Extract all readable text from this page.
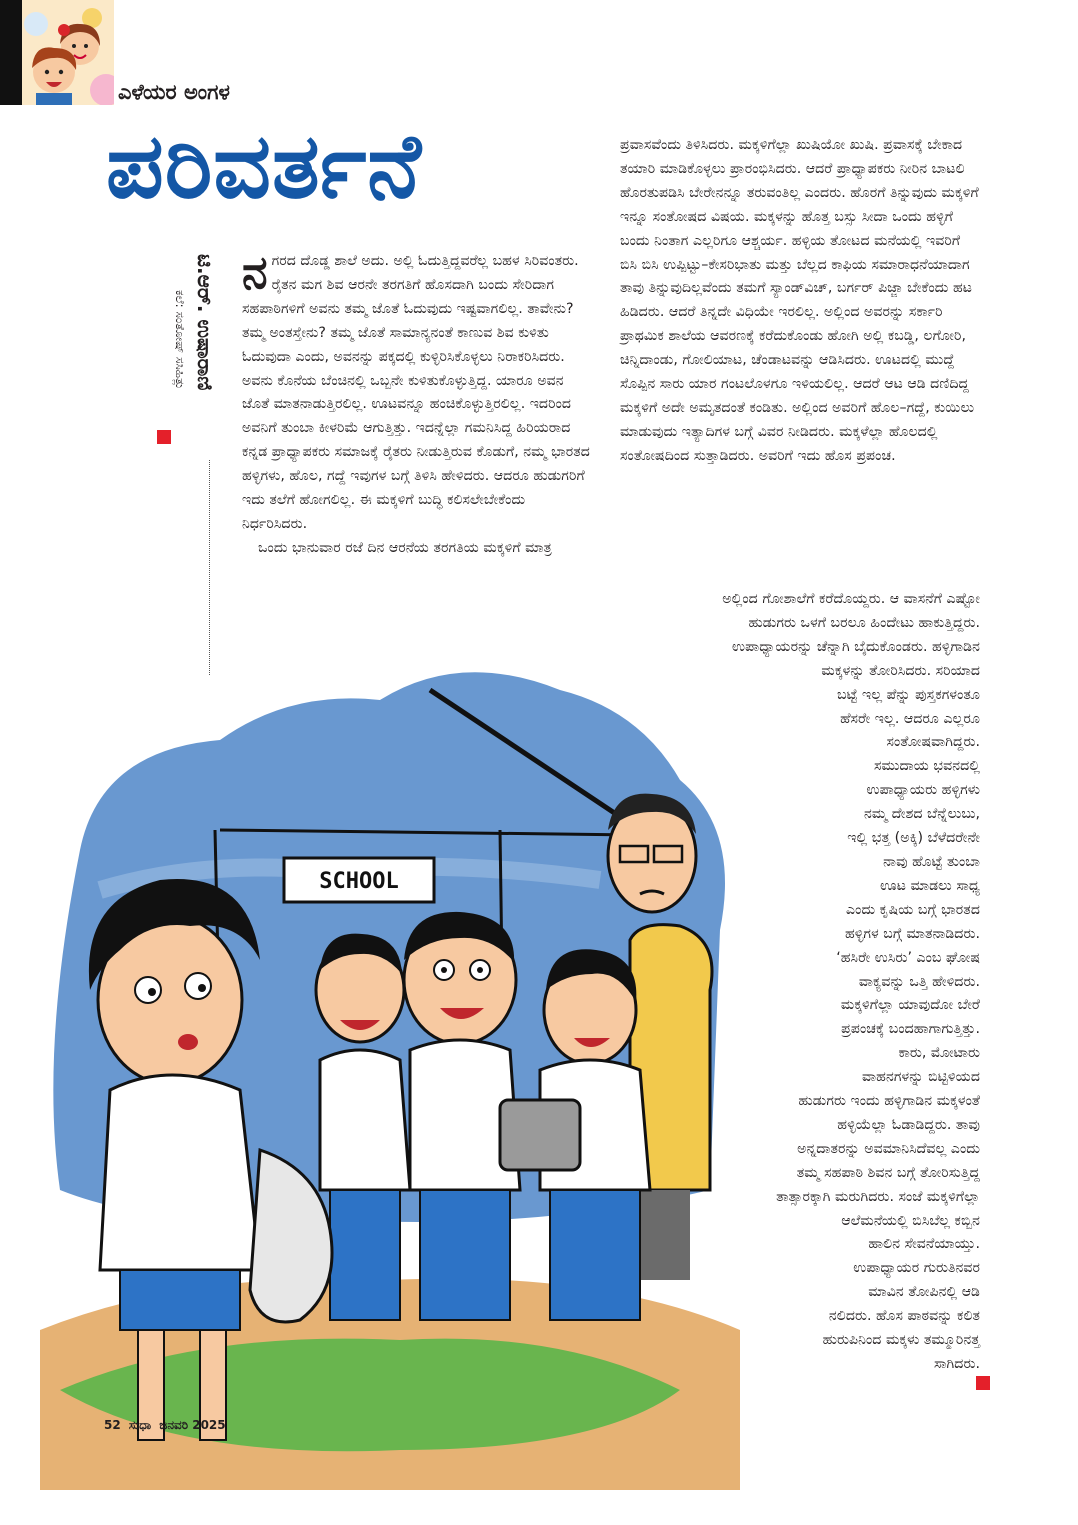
ಎಳೆಯರ ಅಂಗಳ
ಪರಿವರ್ತನೆ
ಟಿ.ಆರ್. ಉಷಾರಾಣಿ
ಕಲೆ: ಸಂತೋಷ್ ಸಸಿಹಿತ್ಲು

ನಗರದ ದೊಡ್ಡ ಶಾಲೆ ಅದು. ಅಲ್ಲಿ ಓದುತ್ತಿದ್ದವರೆಲ್ಲ ಬಹಳ ಸಿರಿವಂತರು. ರೈತನ ಮಗ ಶಿವ ಆರನೇ ತರಗತಿಗೆ ಹೊಸದಾಗಿ ಬಂದು ಸೇರಿದಾಗ ಸಹಪಾಠಿಗಳಿಗೆ ಅವನು ತಮ್ಮ ಜೊತೆ ಓದುವುದು ಇಷ್ಟವಾಗಲಿಲ್ಲ. ತಾವೇನು? ತಮ್ಮ ಅಂತಸ್ತೇನು? ತಮ್ಮ ಜೊತೆ ಸಾಮಾನ್ಯನಂತೆ ಕಾಣುವ ಶಿವ ಕುಳಿತು ಓದುವುದಾ ಎಂದು, ಅವನನ್ನು ಪಕ್ಕದಲ್ಲಿ ಕುಳ್ಳಿರಿಸಿಕೊಳ್ಳಲು ನಿರಾಕರಿಸಿದರು. ಅವನು ಕೊನೆಯ ಬೆಂಚಿನಲ್ಲಿ ಒಬ್ಬನೇ ಕುಳಿತುಕೊಳ್ಳುತ್ತಿದ್ದ. ಯಾರೂ ಅವನ ಜೊತೆ ಮಾತನಾಡುತ್ತಿರಲಿಲ್ಲ. ಊಟವನ್ನೂ ಹಂಚಿಕೊಳ್ಳುತ್ತಿರಲಿಲ್ಲ. ಇದರಿಂದ ಅವನಿಗೆ ತುಂಬಾ ಕೀಳರಿಮೆ ಆಗುತ್ತಿತ್ತು. ಇದನ್ನೆಲ್ಲಾ ಗಮನಿಸಿದ್ದ ಹಿರಿಯರಾದ ಕನ್ನಡ ಪ್ರಾಧ್ಯಾಪಕರು ಸಮಾಜಕ್ಕೆ ರೈತರು ನೀಡುತ್ತಿರುವ ಕೊಡುಗೆ, ನಮ್ಮ ಭಾರತದ ಹಳ್ಳಿಗಳು, ಹೊಲ, ಗದ್ದೆ ಇವುಗಳ ಬಗ್ಗೆ ತಿಳಿಸಿ ಹೇಳಿದರು. ಆದರೂ ಹುಡುಗರಿಗೆ ಇದು ತಲೆಗೆ ಹೋಗಲಿಲ್ಲ. ಈ ಮಕ್ಕಳಿಗೆ ಬುದ್ಧಿ ಕಲಿಸಲೇಬೇಕೆಂದು ನಿರ್ಧರಿಸಿದರು.

ಒಂದು ಭಾನುವಾರ ರಜೆ ದಿನ ಆರನೆಯ ತರಗತಿಯ ಮಕ್ಕಳಿಗೆ ಮಾತ್ರ

ಪ್ರವಾಸವೆಂದು ತಿಳಿಸಿದರು. ಮಕ್ಕಳಿಗೆಲ್ಲಾ ಖುಷಿಯೋ ಖುಷಿ. ಪ್ರವಾಸಕ್ಕೆ ಬೇಕಾದ ತಯಾರಿ ಮಾಡಿಕೊಳ್ಳಲು ಪ್ರಾರಂಭಿಸಿದರು. ಆದರೆ ಪ್ರಾಧ್ಯಾಪಕರು ನೀರಿನ ಬಾಟಲಿ ಹೊರತುಪಡಿಸಿ ಬೇರೇನನ್ನೂ ತರುವಂತಿಲ್ಲ ಎಂದರು. ಹೊರಗೆ ತಿನ್ನುವುದು ಮಕ್ಕಳಿಗೆ ಇನ್ನೂ ಸಂತೋಷದ ವಿಷಯ. ಮಕ್ಕಳನ್ನು ಹೊತ್ತ ಬಸ್ಸು ಸೀದಾ ಒಂದು ಹಳ್ಳಿಗೆ ಬಂದು ನಿಂತಾಗ ಎಲ್ಲರಿಗೂ ಆಶ್ಚರ್ಯ. ಹಳ್ಳಿಯ ತೋಟದ ಮನೆಯಲ್ಲಿ ಇವರಿಗೆ ಬಿಸಿ ಬಿಸಿ ಉಪ್ಪಿಟ್ಟು–ಕೇಸರಿಭಾತು ಮತ್ತು ಬೆಲ್ಲದ ಕಾಫಿಯ ಸಮಾರಾಧನೆಯಾದಾಗ ತಾವು ತಿನ್ನುವುದಿಲ್ಲವೆಂದು ತಮಗೆ ಸ್ಯಾಂಡ್‌ವಿಚ್, ಬರ್ಗರ್ ಪಿಜ್ಜಾ ಬೇಕೆಂದು ಹಟ ಹಿಡಿದರು. ಆದರೆ ತಿನ್ನದೇ ವಿಧಿಯೇ ಇರಲಿಲ್ಲ. ಅಲ್ಲಿಂದ ಅವರನ್ನು ಸರ್ಕಾರಿ ಪ್ರಾಥಮಿಕ ಶಾಲೆಯ ಆವರಣಕ್ಕೆ ಕರೆದುಕೊಂಡು ಹೋಗಿ ಅಲ್ಲಿ ಕಬಡ್ಡಿ, ಲಗೋರಿ, ಚಿನ್ನಿದಾಂಡು, ಗೋಲಿಯಾಟ, ಚೆಂಡಾಟವನ್ನು ಆಡಿಸಿದರು. ಊಟದಲ್ಲಿ ಮುದ್ದೆ ಸೊಪ್ಪಿನ ಸಾರು ಯಾರ ಗಂಟಲೊಳಗೂ ಇಳಿಯಲಿಲ್ಲ. ಆದರೆ ಆಟ ಆಡಿ ದಣಿದಿದ್ದ ಮಕ್ಕಳಿಗೆ ಅದೇ ಅಮೃತದಂತೆ ಕಂಡಿತು. ಅಲ್ಲಿಂದ ಅವರಿಗೆ ಹೊಲ–ಗದ್ದೆ, ಕುಯಿಲು ಮಾಡುವುದು ಇತ್ಯಾದಿಗಳ ಬಗ್ಗೆ ವಿವರ ನೀಡಿದರು. ಮಕ್ಕಳೆಲ್ಲಾ ಹೊಲದಲ್ಲಿ ಸಂತೋಷದಿಂದ ಸುತ್ತಾಡಿದರು. ಅವರಿಗೆ ಇದು ಹೊಸ ಪ್ರಪಂಚ.

SCHOOL
ಅಲ್ಲಿಂದ ಗೋಶಾಲೆಗೆ ಕರೆದೊಯ್ದರು. ಆ ವಾಸನೆಗೆ ಎಷ್ಟೋ
ಹುಡುಗರು ಒಳಗೆ ಬರಲೂ ಹಿಂದೇಟು ಹಾಕುತ್ತಿದ್ದರು.
ಉಪಾಧ್ಯಾಯರನ್ನು ಚೆನ್ನಾಗಿ ಬೈದುಕೊಂಡರು. ಹಳ್ಳಿಗಾಡಿನ
ಮಕ್ಕಳನ್ನು ತೋರಿಸಿದರು. ಸರಿಯಾದ
ಬಟ್ಟೆ ಇಲ್ಲ ಪೆನ್ನು ಪುಸ್ತಕಗಳಂತೂ
ಹೆಸರೇ ಇಲ್ಲ. ಆದರೂ ಎಲ್ಲರೂ
ಸಂತೋಷವಾಗಿದ್ದರು.
ಸಮುದಾಯ ಭವನದಲ್ಲಿ
ಉಪಾಧ್ಯಾಯರು ಹಳ್ಳಿಗಳು
ನಮ್ಮ ದೇಶದ ಬೆನ್ನೆಲುಬು,
ಇಲ್ಲಿ ಭತ್ತ (ಅಕ್ಕಿ) ಬೆಳೆದರೇನೇ
ನಾವು ಹೊಟ್ಟೆ ತುಂಬಾ
ಊಟ ಮಾಡಲು ಸಾಧ್ಯ
ಎಂದು ಕೃಷಿಯ ಬಗ್ಗೆ ಭಾರತದ
ಹಳ್ಳಿಗಳ ಬಗ್ಗೆ ಮಾತನಾಡಿದರು.
‘ಹಸಿರೇ ಉಸಿರು’ ಎಂಬ ಘೋಷ
ವಾಕ್ಯವನ್ನು ಒತ್ತಿ ಹೇಳಿದರು.
ಮಕ್ಕಳಿಗೆಲ್ಲಾ ಯಾವುದೋ ಬೇರೆ
ಪ್ರಪಂಚಕ್ಕೆ ಬಂದಹಾಗಾಗುತ್ತಿತ್ತು.
ಕಾರು, ಮೋಟಾರು
ವಾಹನಗಳನ್ನು ಬಿಟ್ಟಿಳಿಯದ
ಹುಡುಗರು ಇಂದು ಹಳ್ಳಿಗಾಡಿನ ಮಕ್ಕಳಂತೆ
ಹಳ್ಳಿಯೆಲ್ಲಾ ಓಡಾಡಿದ್ದರು. ತಾವು
ಅನ್ನದಾತರನ್ನು ಅವಮಾನಿಸಿದೆವಲ್ಲ ಎಂದು
ತಮ್ಮ ಸಹಪಾಠಿ ಶಿವನ ಬಗ್ಗೆ ತೋರಿಸುತ್ತಿದ್ದ
ತಾತ್ಸಾರಕ್ಕಾಗಿ ಮರುಗಿದರು. ಸಂಜೆ ಮಕ್ಕಳಿಗೆಲ್ಲಾ
ಆಲೆಮನೆಯಲ್ಲಿ ಬಿಸಿಬೆಲ್ಲ ಕಬ್ಬಿನ
ಹಾಲಿನ ಸೇವನೆಯಾಯ್ತು.
ಉಪಾಧ್ಯಾಯರ ಗುರುತಿನವರ
ಮಾವಿನ ತೋಪಿನಲ್ಲಿ ಆಡಿ
ನಲಿದರು. ಹೊಸ ಪಾಠವನ್ನು ಕಲಿತ
ಹುರುಪಿನಿಂದ ಮಕ್ಕಳು ತಮ್ಮೂರಿನತ್ತ
ಸಾಗಿದರು.
52 ಸುಧಾ ಜನವರಿ 2025
